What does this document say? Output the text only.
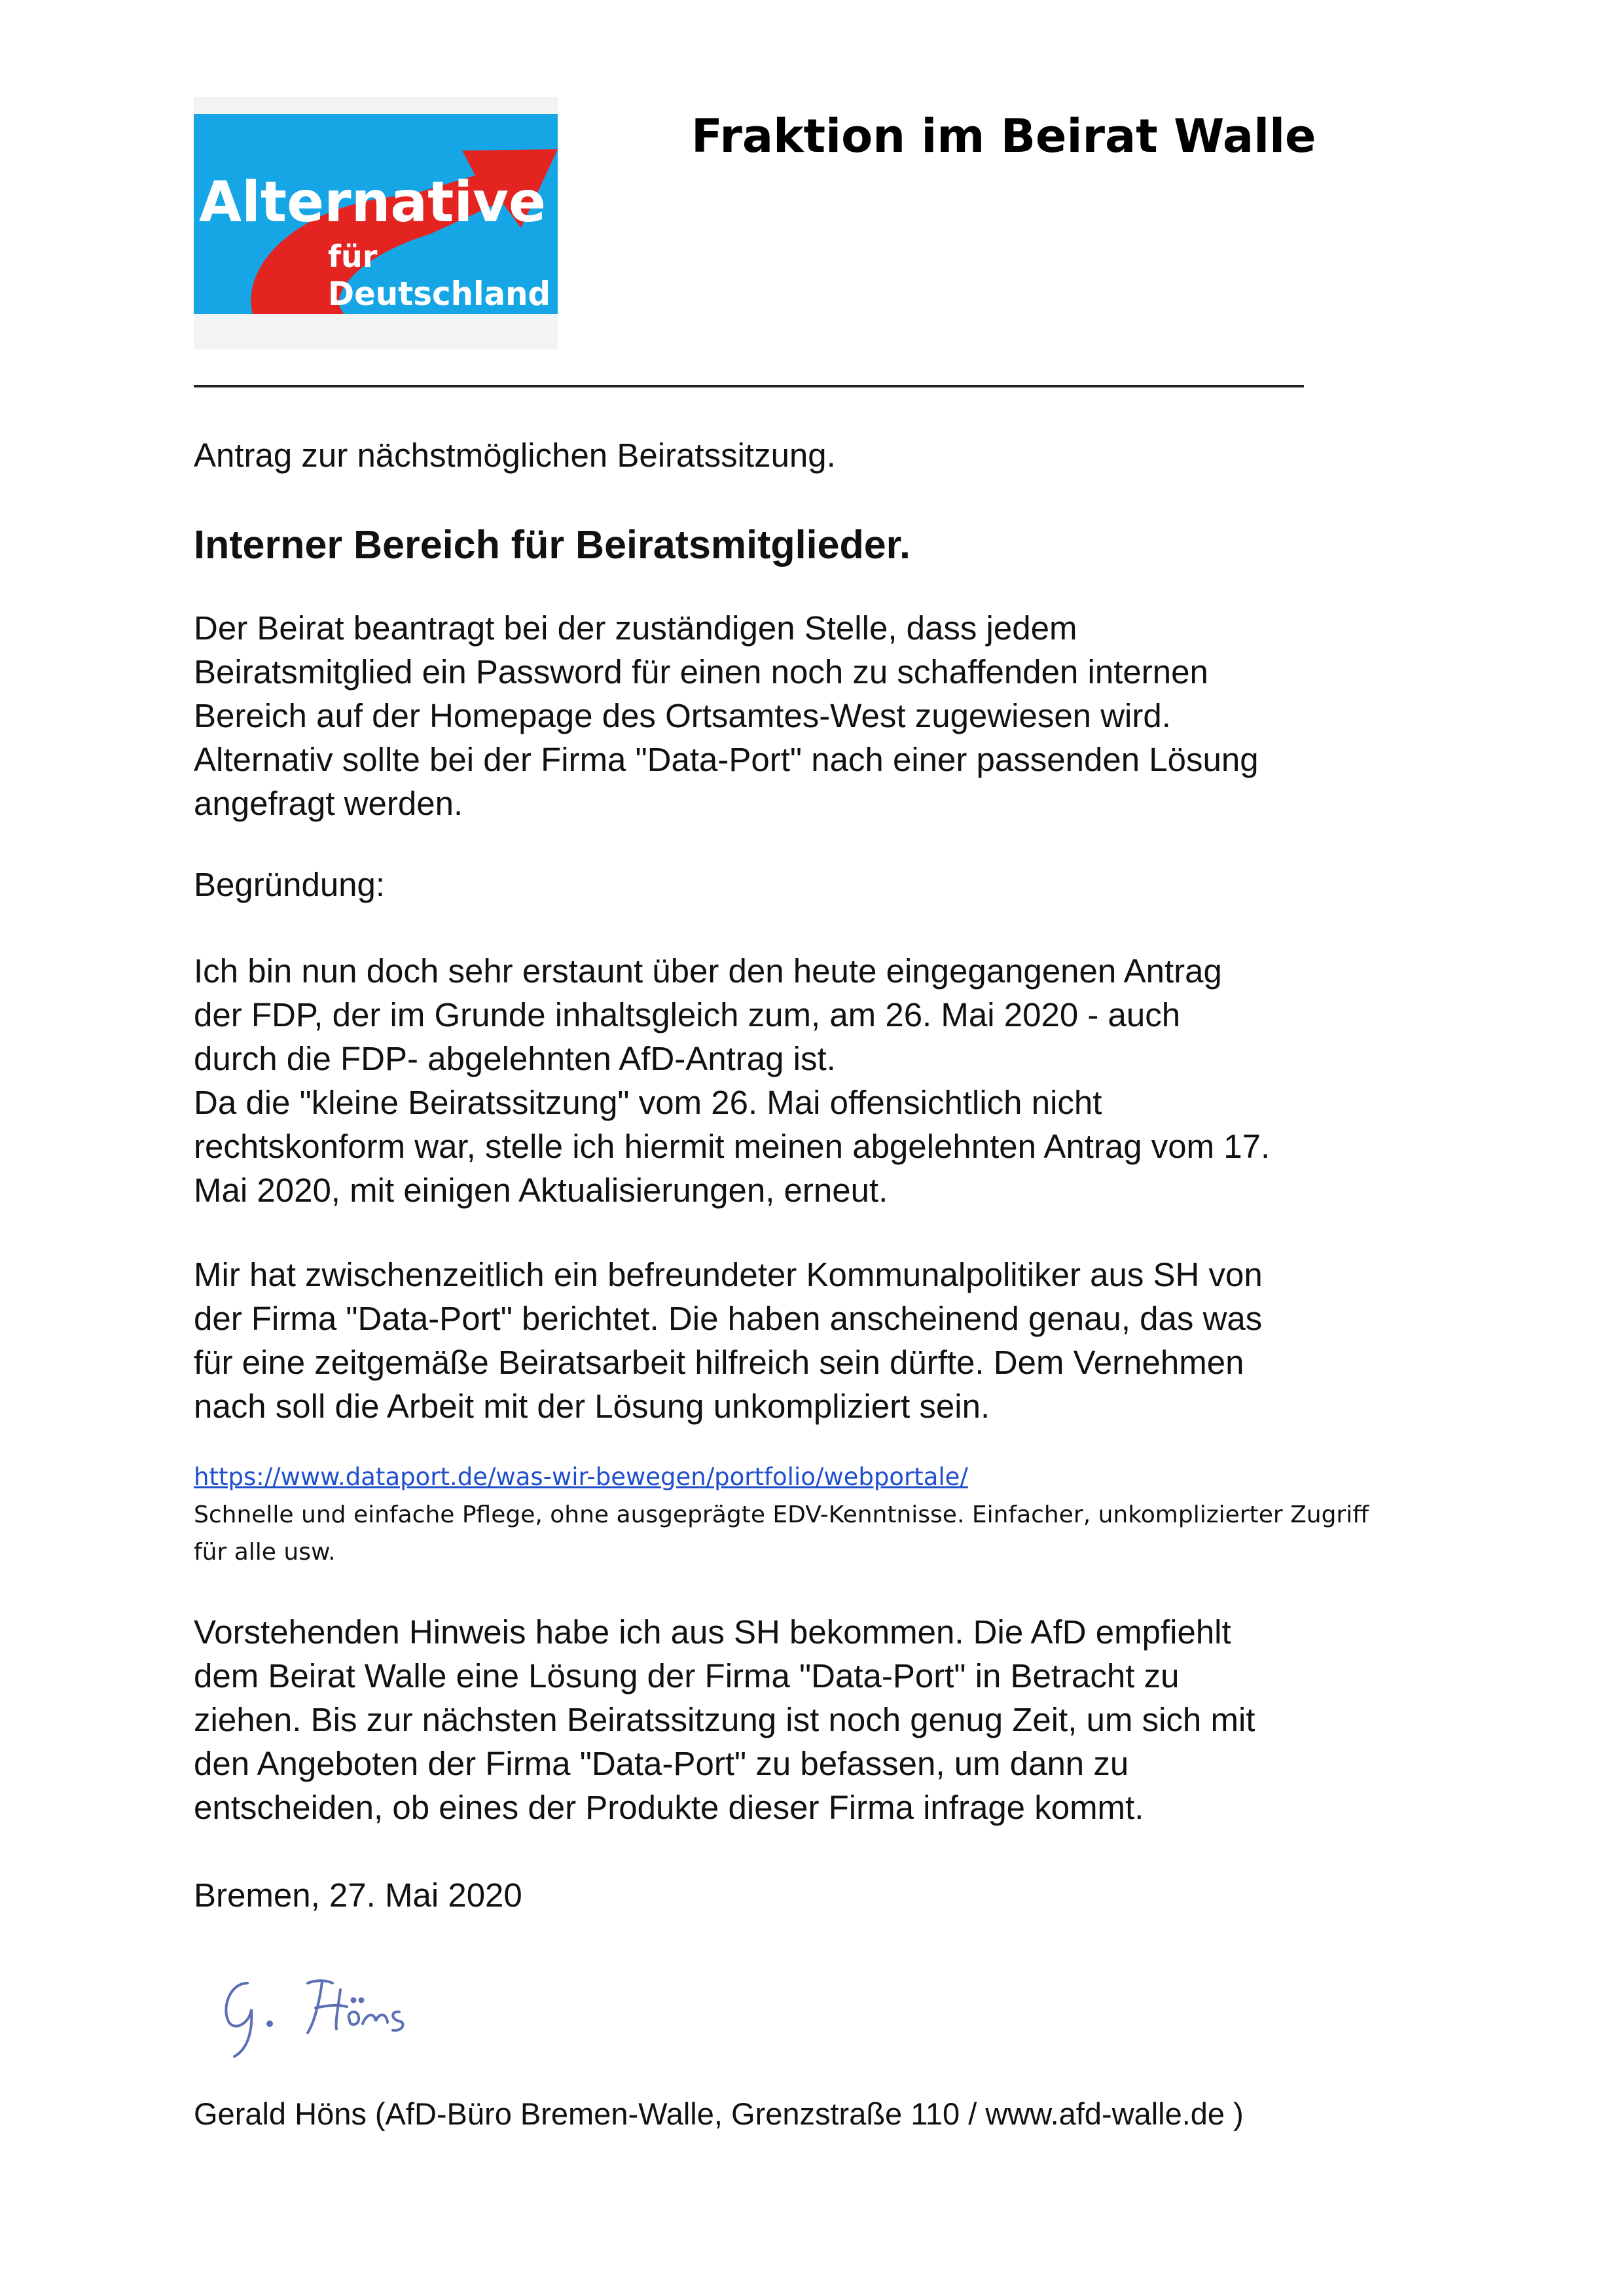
Alternative
für
Deutschland
Fraktion im Beirat Walle

Antrag zur nächstmöglichen Beiratssitzung.

Interner Bereich für Beiratsmitglieder.

Der Beirat beantragt bei der zuständigen Stelle, dass jedem
Beiratsmitglied ein Password für einen noch zu schaffenden internen
Bereich auf der Homepage des Ortsamtes-West zugewiesen wird.
Alternativ sollte bei der Firma "Data-Port" nach einer passenden Lösung
angefragt werden.

Begründung:

Ich bin nun doch sehr erstaunt über den heute eingegangenen Antrag
der FDP, der im Grunde inhaltsgleich zum, am 26. Mai 2020 - auch
durch die FDP- abgelehnten AfD-Antrag ist.
Da die "kleine Beiratssitzung" vom 26. Mai offensichtlich nicht
rechtskonform war, stelle ich hiermit meinen abgelehnten Antrag vom 17.
Mai 2020, mit einigen Aktualisierungen, erneut.

Mir hat zwischenzeitlich ein befreundeter Kommunalpolitiker aus SH von
der Firma "Data-Port" berichtet. Die haben anscheinend genau, das was
für eine zeitgemäße Beiratsarbeit hilfreich sein dürfte. Dem Vernehmen
nach soll die Arbeit mit der Lösung unkompliziert sein.

https://www.dataport.de/was-wir-bewegen/portfolio/webportale/

Schnelle und einfache Pflege, ohne ausgeprägte EDV-Kenntnisse. Einfacher, unkomplizierter Zugriff
für alle usw.

Vorstehenden Hinweis habe ich aus SH bekommen. Die AfD empfiehlt
dem Beirat Walle eine Lösung der Firma "Data-Port" in Betracht zu
ziehen. Bis zur nächsten Beiratssitzung ist noch genug Zeit, um sich mit
den Angeboten der Firma "Data-Port" zu befassen, um dann zu
entscheiden, ob eines der Produkte dieser Firma infrage kommt.

Bremen, 27. Mai 2020

Gerald Höns (AfD-Büro Bremen-Walle, Grenzstraße 110 / www.afd-walle.de )
